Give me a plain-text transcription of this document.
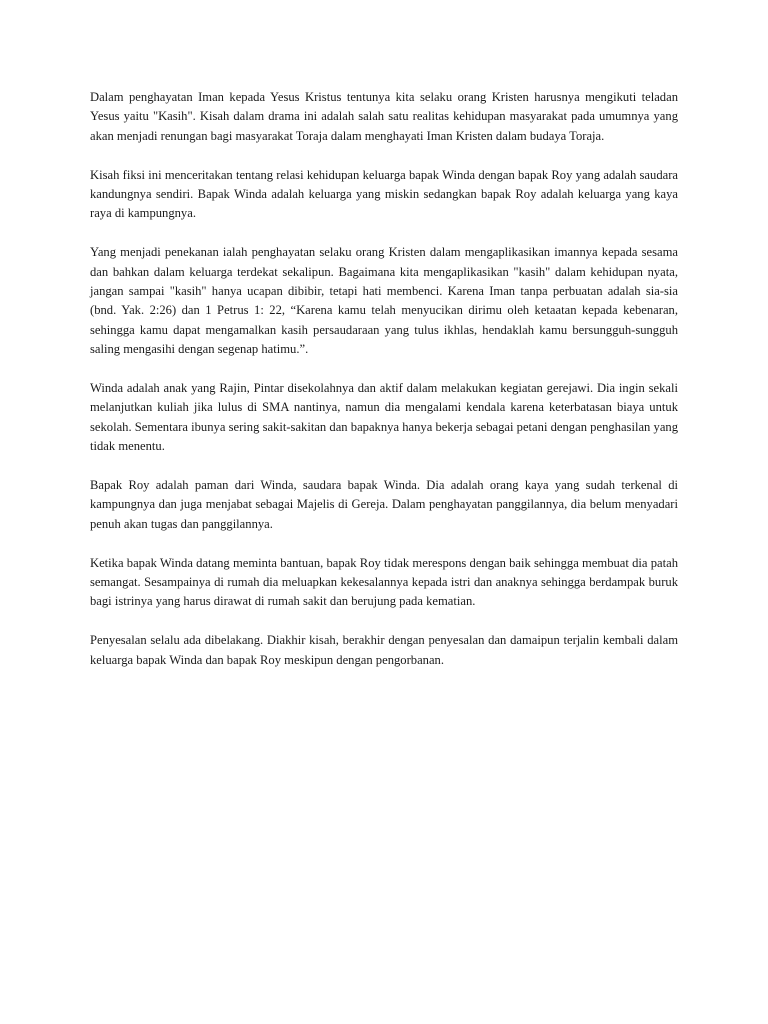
Dalam penghayatan Iman kepada Yesus Kristus tentunya kita selaku orang Kristen harusnya mengikuti teladan Yesus yaitu "Kasih". Kisah dalam drama ini adalah salah satu realitas kehidupan masyarakat pada umumnya yang akan menjadi renungan bagi masyarakat Toraja dalam menghayati Iman Kristen dalam budaya Toraja.

Kisah fiksi ini menceritakan tentang relasi kehidupan keluarga bapak Winda dengan bapak Roy yang adalah saudara kandungnya sendiri. Bapak Winda adalah keluarga yang miskin sedangkan bapak Roy adalah keluarga yang kaya raya di kampungnya.

Yang menjadi penekanan ialah penghayatan selaku orang Kristen dalam mengaplikasikan imannya kepada sesama dan bahkan dalam keluarga terdekat sekalipun. Bagaimana kita mengaplikasikan "kasih" dalam kehidupan nyata, jangan sampai "kasih" hanya ucapan dibibir, tetapi hati membenci. Karena Iman tanpa perbuatan adalah sia-sia (bnd. Yak. 2:26) dan 1 Petrus 1: 22, “Karena kamu telah menyucikan dirimu oleh ketaatan kepada kebenaran, sehingga kamu dapat mengamalkan kasih persaudaraan yang tulus ikhlas, hendaklah kamu bersungguh-sungguh saling mengasihi dengan segenap hatimu.”.

Winda adalah anak yang Rajin, Pintar disekolahnya dan aktif dalam melakukan kegiatan gerejawi. Dia ingin sekali melanjutkan kuliah jika lulus di SMA nantinya, namun dia mengalami kendala karena keterbatasan biaya untuk sekolah. Sementara ibunya sering sakit-sakitan dan bapaknya hanya bekerja sebagai petani dengan penghasilan yang tidak menentu.

Bapak Roy adalah paman dari Winda, saudara bapak Winda. Dia adalah orang kaya yang sudah terkenal di kampungnya dan juga menjabat sebagai Majelis di Gereja. Dalam penghayatan panggilannya, dia belum menyadari penuh akan tugas dan panggilannya.

Ketika bapak Winda datang meminta bantuan, bapak Roy tidak merespons dengan baik sehingga membuat dia patah semangat. Sesampainya di rumah dia meluapkan kekesalannya kepada istri dan anaknya sehingga berdampak buruk bagi istrinya yang harus dirawat di rumah sakit dan berujung pada kematian.

Penyesalan selalu ada dibelakang. Diakhir kisah, berakhir dengan penyesalan dan damaipun terjalin kembali dalam keluarga bapak Winda dan bapak Roy meskipun dengan pengorbanan.
